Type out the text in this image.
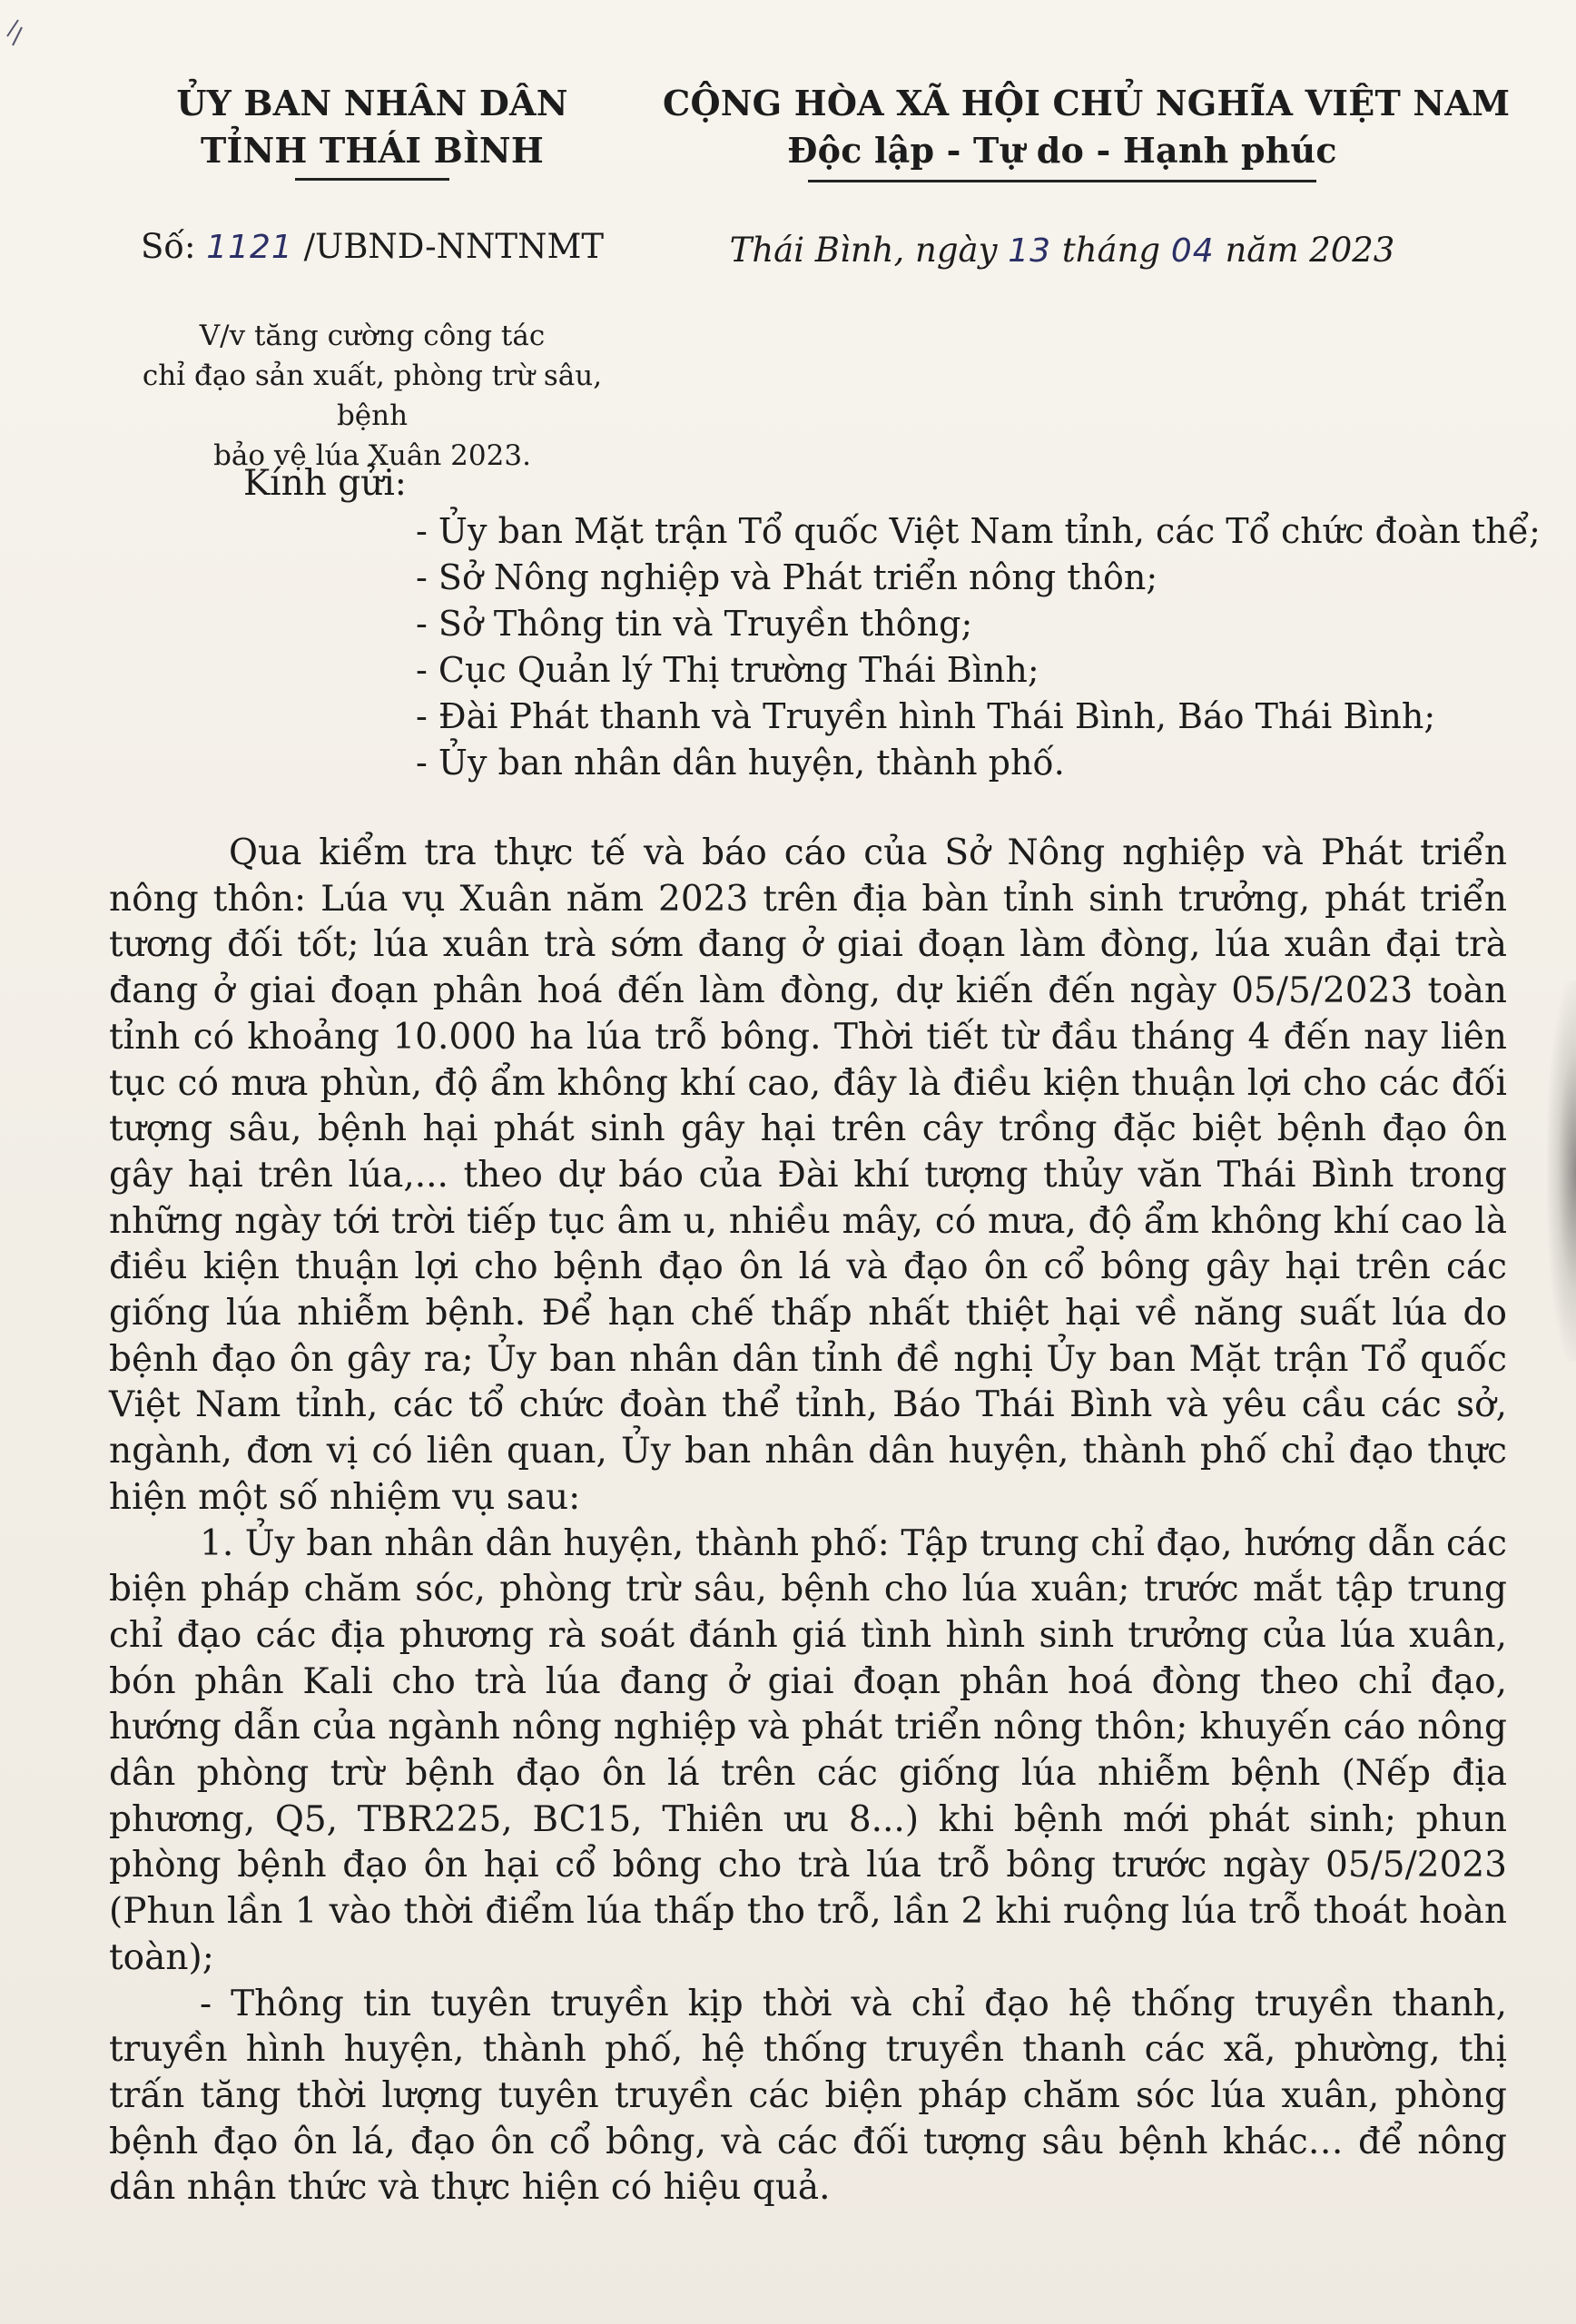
ỦY BAN NHÂN DÂN
TỈNH THÁI BÌNH
Số: 1121 /UBND-NNTNMT
V/v tăng cường công tác
chỉ đạo sản xuất, phòng trừ sâu, bệnh
bảo vệ lúa Xuân 2023.
CỘNG HÒA XÃ HỘI CHỦ NGHĨA VIỆT NAM
Độc lập - Tự do - Hạnh phúc
Thái Bình, ngày 13 tháng 04 năm 2023
Kính gửi:
- Ủy ban Mặt trận Tổ quốc Việt Nam tỉnh, các Tổ chức đoàn thể;
- Sở Nông nghiệp và Phát triển nông thôn;
- Sở Thông tin và Truyền thông;
- Cục Quản lý Thị trường Thái Bình;
- Đài Phát thanh và Truyền hình Thái Bình, Báo Thái Bình;
- Ủy ban nhân dân huyện, thành phố.

Qua kiểm tra thực tế và báo cáo của Sở Nông nghiệp và Phát triển nông thôn: Lúa vụ Xuân năm 2023 trên địa bàn tỉnh sinh trưởng, phát triển tương đối tốt; lúa xuân trà sớm đang ở giai đoạn làm đòng, lúa xuân đại trà đang ở giai đoạn phân hoá đến làm đòng, dự kiến đến ngày 05/5/2023 toàn tỉnh có khoảng 10.000 ha lúa trỗ bông. Thời tiết từ đầu tháng 4 đến nay liên tục có mưa phùn, độ ẩm không khí cao, đây là điều kiện thuận lợi cho các đối tượng sâu, bệnh hại phát sinh gây hại trên cây trồng đặc biệt bệnh đạo ôn gây hại trên lúa,... theo dự báo của Đài khí tượng thủy văn Thái Bình trong những ngày tới trời tiếp tục âm u, nhiều mây, có mưa, độ ẩm không khí cao là điều kiện thuận lợi cho bệnh đạo ôn lá và đạo ôn cổ bông gây hại trên các giống lúa nhiễm bệnh. Để hạn chế thấp nhất thiệt hại về năng suất lúa do bệnh đạo ôn gây ra; Ủy ban nhân dân tỉnh đề nghị Ủy ban Mặt trận Tổ quốc Việt Nam tỉnh, các tổ chức đoàn thể tỉnh, Báo Thái Bình và yêu cầu các sở, ngành, đơn vị có liên quan, Ủy ban nhân dân huyện, thành phố chỉ đạo thực hiện một số nhiệm vụ sau:

1. Ủy ban nhân dân huyện, thành phố: Tập trung chỉ đạo, hướng dẫn các biện pháp chăm sóc, phòng trừ sâu, bệnh cho lúa xuân; trước mắt tập trung chỉ đạo các địa phương rà soát đánh giá tình hình sinh trưởng của lúa xuân, bón phân Kali cho trà lúa đang ở giai đoạn phân hoá đòng theo chỉ đạo, hướng dẫn của ngành nông nghiệp và phát triển nông thôn; khuyến cáo nông dân phòng trừ bệnh đạo ôn lá trên các giống lúa nhiễm bệnh (Nếp địa phương, Q5, TBR225, BC15, Thiên ưu 8...) khi bệnh mới phát sinh; phun phòng bệnh đạo ôn hại cổ bông cho trà lúa trỗ bông trước ngày 05/5/2023 (Phun lần 1 vào thời điểm lúa thấp tho trỗ, lần 2 khi ruộng lúa trỗ thoát hoàn toàn);

- Thông tin tuyên truyền kịp thời và chỉ đạo hệ thống truyền thanh, truyền hình huyện, thành phố, hệ thống truyền thanh các xã, phường, thị trấn tăng thời lượng tuyên truyền các biện pháp chăm sóc lúa xuân, phòng bệnh đạo ôn lá, đạo ôn cổ bông, và các đối tượng sâu bệnh khác… để nông dân nhận thức và thực hiện có hiệu quả.
